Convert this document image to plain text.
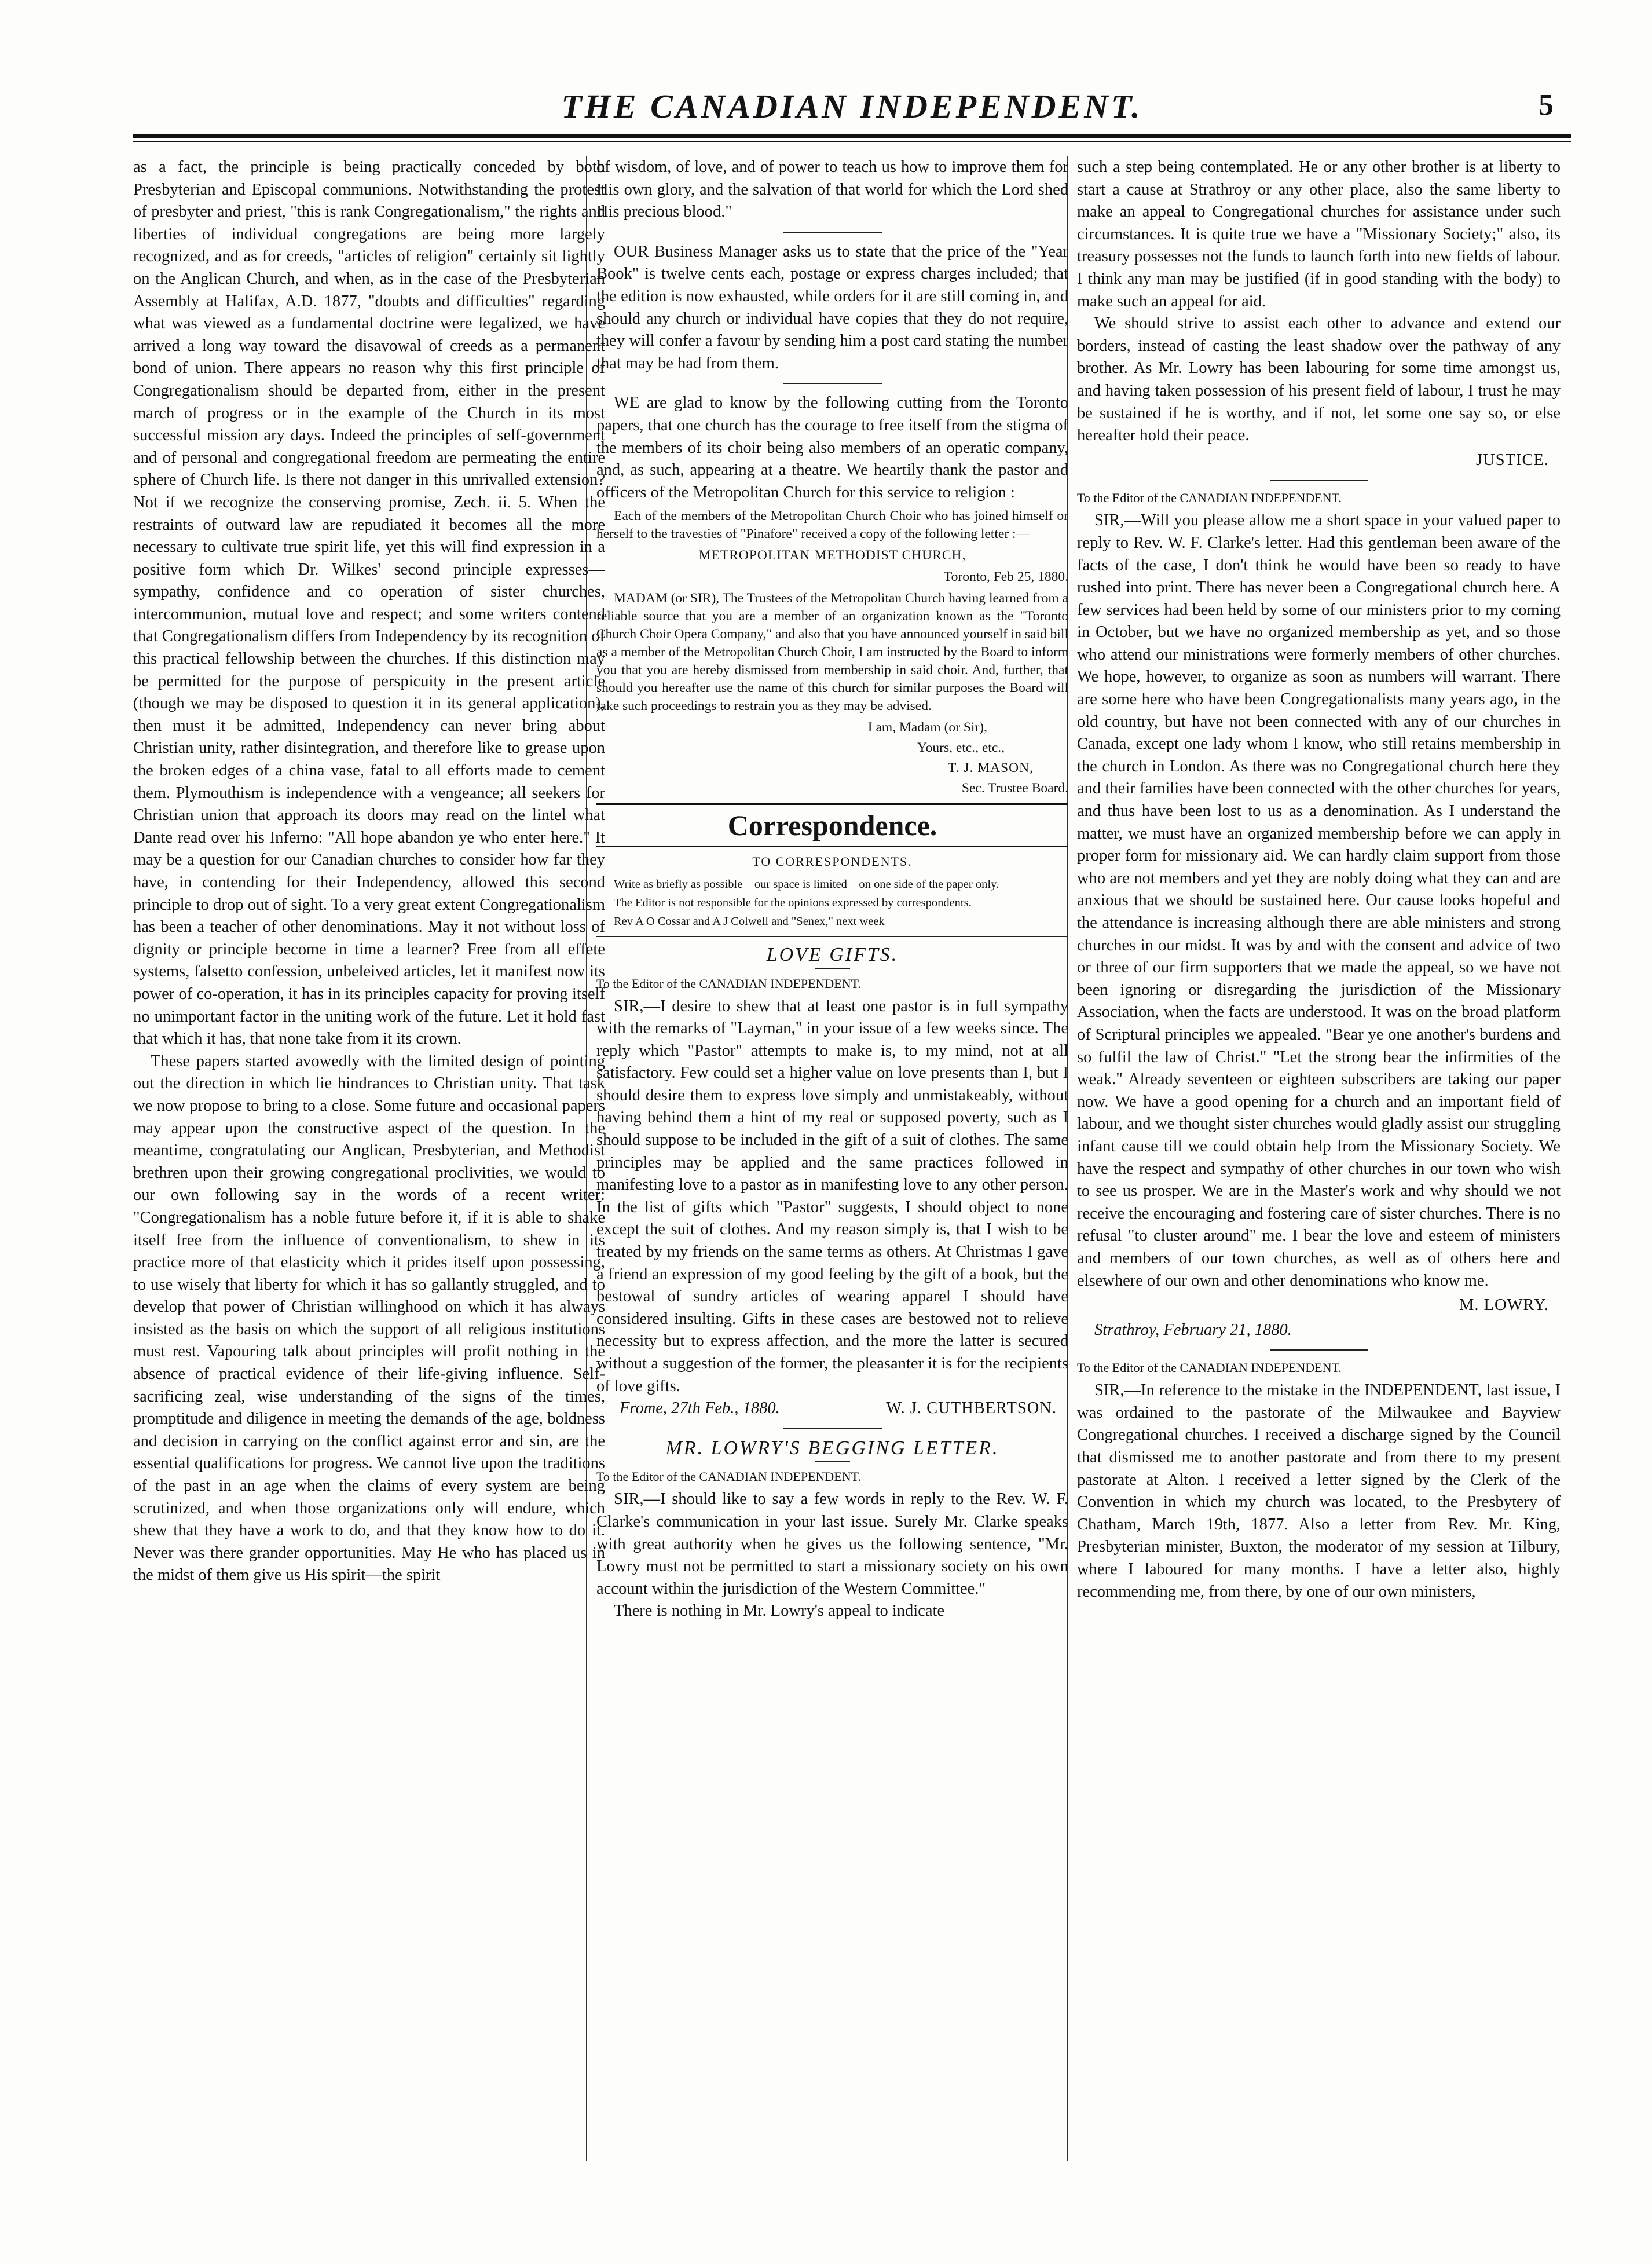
THE CANADIAN INDEPENDENT.	5

as a fact, the principle is being practically conceded by both Presbyterian and Episcopal communions. Notwithstanding the protest of presbyter and priest, "this is rank Congregationalism," the rights and liberties of individual congregations are being more largely recognized, and as for creeds, "articles of religion" certainly sit lightly on the Anglican Church, and when, as in the case of the Presbyterian Assembly at Halifax, A.D. 1877, "doubts and difficulties" regarding what was viewed as a fundamental doctrine were legalized, we have arrived a long way toward the disavowal of creeds as a permanent bond of union. There appears no reason why this first principle of Congregationalism should be departed from, either in the present march of progress or in the example of the Church in its most successful mission ary days. Indeed the principles of self-government and of personal and congregational freedom are permeating the entire sphere of Church life. Is there not danger in this unrivalled extension? Not if we recognize the conserving promise, Zech. ii. 5. When the restraints of outward law are repudiated it becomes all the more necessary to cultivate true spirit life, yet this will find expression in a positive form which Dr. Wilkes' second principle expresses—sympathy, confidence and co operation of sister churches, intercommunion, mutual love and respect; and some writers contend that Congregationalism differs from Independency by its recognition of this practical fellowship between the churches. If this distinction may be permitted for the purpose of perspicuity in the present article (though we may be disposed to question it in its general application), then must it be admitted, Independency can never bring about Christian unity, rather disintegration, and therefore like to grease upon the broken edges of a china vase, fatal to all efforts made to cement them. Plymouthism is independence with a vengeance; all seekers for Christian union that approach its doors may read on the lintel what Dante read over his Inferno: "All hope abandon ye who enter here." It may be a question for our Canadian churches to consider how far they have, in contending for their Independency, allowed this second principle to drop out of sight. To a very great extent Congregationalism has been a teacher of other denominations. May it not without loss of dignity or principle become in time a learner? Free from all effete systems, falsetto confession, unbeleived articles, let it manifest now its power of co-operation, it has in its principles capacity for proving itself no unimportant factor in the uniting work of the future. Let it hold fast that which it has, that none take from it its crown.

These papers started avowedly with the limited design of pointing out the direction in which lie hindrances to Christian unity. That task we now propose to bring to a close. Some future and occasional papers may appear upon the constructive aspect of the question. In the meantime, congratulating our Anglican, Presbyterian, and Methodist brethren upon their growing congregational proclivities, we would to our own following say in the words of a recent writer: "Congregationalism has a noble future before it, if it is able to shake itself free from the influence of conventionalism, to shew in its practice more of that elasticity which it prides itself upon possessing, to use wisely that liberty for which it has so gallantly struggled, and to develop that power of Christian willinghood on which it has always insisted as the basis on which the support of all religious institutions must rest. Vapouring talk about principles will profit nothing in the absence of practical evidence of their life-giving influence. Self-sacrificing zeal, wise understanding of the signs of the times, promptitude and diligence in meeting the demands of the age, boldness and decision in carrying on the conflict against error and sin, are the essential qualifications for progress. We cannot live upon the traditions of the past in an age when the claims of every system are being scrutinized, and when those organizations only will endure, which shew that they have a work to do, and that they know how to do it. Never was there grander opportunities. May He who has placed us in the midst of them give us His spirit—the spirit

of wisdom, of love, and of power to teach us how to improve them for His own glory, and the salvation of that world for which the Lord shed His precious blood."

OUR Business Manager asks us to state that the price of the "Year Book" is twelve cents each, postage or express charges included; that the edition is now exhausted, while orders for it are still coming in, and should any church or individual have copies that they do not require, they will confer a favour by sending him a post card stating the number that may be had from them.

WE are glad to know by the following cutting from the Toronto papers, that one church has the courage to free itself from the stigma of the members of its choir being also members of an operatic company, and, as such, appearing at a theatre. We heartily thank the pastor and officers of the Metropolitan Church for this service to religion :

Each of the members of the Metropolitan Church Choir who has joined himself or herself to the travesties of "Pinafore" received a copy of the following letter :—

METROPOLITAN METHODIST CHURCH,
Toronto, Feb 25, 1880.

MADAM (or SIR), The Trustees of the Metropolitan Church having learned from a reliable source that you are a member of an organization known as the "Toronto Church Choir Opera Company," and also that you have announced yourself in said bill as a member of the Metropolitan Church Choir, I am instructed by the Board to inform you that you are hereby dismissed from membership in said choir. And, further, that should you hereafter use the name of this church for similar purposes the Board will take such proceedings to restrain you as they may be advised.

I am, Madam (or Sir),
Yours, etc., etc.,
T. J. MASON,
Sec. Trustee Board.
Correspondence.
TO CORRESPONDENTS.

Write as briefly as possible—our space is limited—on one side of the paper only.

The Editor is not responsible for the opinions expressed by correspondents.

Rev A O Cossar and A J Colwell and "Senex," next week

LOVE GIFTS.

To the Editor of the CANADIAN INDEPENDENT.

SIR,—I desire to shew that at least one pastor is in full sympathy with the remarks of "Layman," in your issue of a few weeks since. The reply which "Pastor" attempts to make is, to my mind, not at all satisfactory. Few could set a higher value on love presents than I, but I should desire them to express love simply and unmistakeably, without having behind them a hint of my real or supposed poverty, such as I should suppose to be included in the gift of a suit of clothes. The same principles may be applied and the same practices followed in manifesting love to a pastor as in manifesting love to any other person. In the list of gifts which "Pastor" suggests, I should object to none except the suit of clothes. And my reason simply is, that I wish to be treated by my friends on the same terms as others. At Christmas I gave a friend an expression of my good feeling by the gift of a book, but the bestowal of sundry articles of wearing apparel I should have considered insulting. Gifts in these cases are bestowed not to relieve necessity but to express affection, and the more the latter is secured without a suggestion of the former, the pleasanter it is for the recipients of love gifts.

Frome, 27th Feb., 1880.	W. J. CUTHBERTSON.
MR. LOWRY'S BEGGING LETTER.

To the Editor of the CANADIAN INDEPENDENT.

SIR,—I should like to say a few words in reply to the Rev. W. F. Clarke's communication in your last issue. Surely Mr. Clarke speaks with great authority when he gives us the following sentence, "Mr. Lowry must not be permitted to start a missionary society on his own account within the jurisdiction of the Western Committee."

There is nothing in Mr. Lowry's appeal to indicate

such a step being contemplated. He or any other brother is at liberty to start a cause at Strathroy or any other place, also the same liberty to make an appeal to Congregational churches for assistance under such circumstances. It is quite true we have a "Missionary Society;" also, its treasury possesses not the funds to launch forth into new fields of labour. I think any man may be justified (if in good standing with the body) to make such an appeal for aid.

We should strive to assist each other to advance and extend our borders, instead of casting the least shadow over the pathway of any brother. As Mr. Lowry has been labouring for some time amongst us, and having taken possession of his present field of labour, I trust he may be sustained if he is worthy, and if not, let some one say so, or else hereafter hold their peace.

JUSTICE.

To the Editor of the CANADIAN INDEPENDENT.

SIR,—Will you please allow me a short space in your valued paper to reply to Rev. W. F. Clarke's letter. Had this gentleman been aware of the facts of the case, I don't think he would have been so ready to have rushed into print. There has never been a Congregational church here. A few services had been held by some of our ministers prior to my coming in October, but we have no organized membership as yet, and so those who attend our ministrations were formerly members of other churches. We hope, however, to organize as soon as numbers will warrant. There are some here who have been Congregationalists many years ago, in the old country, but have not been connected with any of our churches in Canada, except one lady whom I know, who still retains membership in the church in London. As there was no Congregational church here they and their families have been connected with the other churches for years, and thus have been lost to us as a denomination. As I understand the matter, we must have an organized membership before we can apply in proper form for missionary aid. We can hardly claim support from those who are not members and yet they are nobly doing what they can and are anxious that we should be sustained here. Our cause looks hopeful and the attendance is increasing although there are able ministers and strong churches in our midst. It was by and with the consent and advice of two or three of our firm supporters that we made the appeal, so we have not been ignoring or disregarding the jurisdiction of the Missionary Association, when the facts are understood. It was on the broad platform of Scriptural principles we appealed. "Bear ye one another's burdens and so fulfil the law of Christ." "Let the strong bear the infirmities of the weak." Already seventeen or eighteen subscribers are taking our paper now. We have a good opening for a church and an important field of labour, and we thought sister churches would gladly assist our struggling infant cause till we could obtain help from the Missionary Society. We have the respect and sympathy of other churches in our town who wish to see us prosper. We are in the Master's work and why should we not receive the encouraging and fostering care of sister churches. There is no refusal "to cluster around" me. I bear the love and esteem of ministers and members of our town churches, as well as of others here and elsewhere of our own and other denominations who know me.

M. LOWRY.
Strathroy, February 21, 1880.

To the Editor of the CANADIAN INDEPENDENT.

SIR,—In reference to the mistake in the INDEPENDENT, last issue, I was ordained to the pastorate of the Milwaukee and Bayview Congregational churches. I received a discharge signed by the Council that dismissed me to another pastorate and from there to my present pastorate at Alton. I received a letter signed by the Clerk of the Convention in which my church was located, to the Presbytery of Chatham, March 19th, 1877. Also a letter from Rev. Mr. King, Presbyterian minister, Buxton, the moderator of my session at Tilbury, where I laboured for many months. I have a letter also, highly recommending me, from there, by one of our own ministers,
